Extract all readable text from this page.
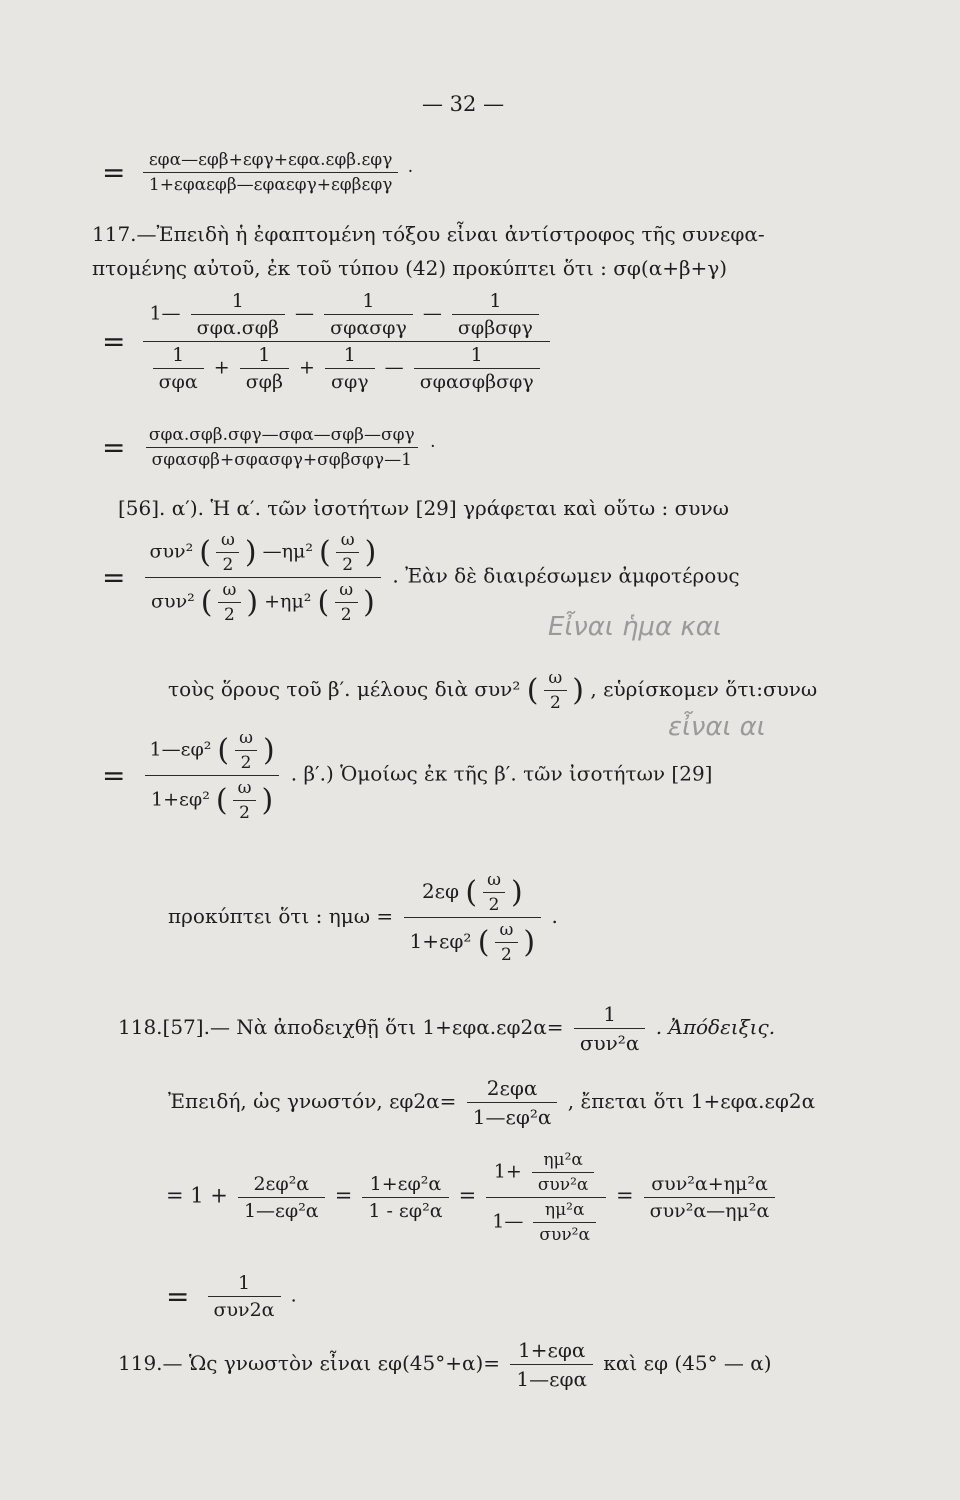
— 32 —
= $\frac{\text{εφα—εφβ+εφγ+εφα.εφβ.εφγ}}{\text{1+εφαεφβ—εφαεφγ+εφβεφγ}}$ ·
117.—Ἐπειδὴ ἡ ἐφαπτομένη τόξου εἶναι ἀντίστροφος τῆς συνεφα-
πτομένης αὐτοῦ, ἐκ τοῦ τύπου (42) προκύπτει ὅτι : σφ(α+β+γ)
=
1— $\frac{1}{\text{σφα.σφβ}}$ — $\frac{1}{\text{σφασφγ}}$ — $\frac{1}{\text{σφβσφγ}}$
$\frac{1}{\text{σφα}} + \frac{1}{\text{σφβ}} + \frac{1}{\text{σφγ}}$ — $\frac{1}{\text{σφασφβσφγ}}$
= $\frac{\text{σφα.σφβ.σφγ—σφα—σφβ—σφγ}}{\text{σφασφβ+σφασφγ+σφβσφγ—1}}$ ·
[56]. α′). Ἡ α′. τῶν ἰσοτήτων [29] γράφεται καὶ οὕτω : συνω
= $\frac{\sigma\upsilon\nu^2 ( \frac{\omega}{2} ) —\eta\mu^2 ( \frac{\omega}{2} )}{\sigma\upsilon\nu^2 ( \frac{\omega}{2} ) +\eta\mu^2 ( \frac{\omega}{2} )}$ . Ἐὰν δὲ διαιρέσωμεν ἀμφοτέρους
Εἶναι ἡμα και
εἶναι αι
τοὺς ὅρους τοῦ β′. μέλους διὰ συν² ( $\frac{\omega}{2}$ ) , εὑρίσκομεν ὅτι:συνω
= $\frac{1—\varepsilon\varphi^2 ( \frac{\omega}{2} )}{1+\varepsilon\varphi^2 ( \frac{\omega}{2} )}$ . β′.) Ὁμοίως ἐκ τῆς β′. τῶν ἰσοτήτων [29]
προκύπτει ὅτι : $\eta\mu\omega = \frac{2\varepsilon\varphi ( \frac{\omega}{2} )}{1+\varepsilon\varphi^2 ( \frac{\omega}{2} )}$ .
118.[57].— Νὰ ἀποδειχθῇ ὅτι $1+\varepsilon\varphi\alpha.\varepsilon\varphi 2\alpha= \frac{1}{\text{συν²α}}$ . Ἀπόδειξις.
Ἐπειδή, ὡς γνωστόν, $\varepsilon\varphi 2\alpha= \frac{\text{2εφα}}{\text{1—εφ²α}}$ , ἔπεται ὅτι 1+εφα.εφ2α
= $1 + \frac{\text{2εφ²α}}{\text{1—εφ²α}} = \frac{\text{1+εφ²α}}{\text{1 - εφ²α}} = \frac{1+ \frac{\text{ημ²α}}{\text{συν²α}}}{1— \frac{\text{ημ²α}}{\text{συν²α}}} = \frac{\text{συν²α+ημ²α}}{\text{συν²α—ημ²α}}$
= $\frac{1}{\text{συν2α}}$ .
119.— Ὡς γνωστὸν εἶναι $\varepsilon\varphi(45^\circ+\alpha)= \frac{\text{1+εφα}}{\text{1—εφα}}$ καὶ εφ (45° — α)
